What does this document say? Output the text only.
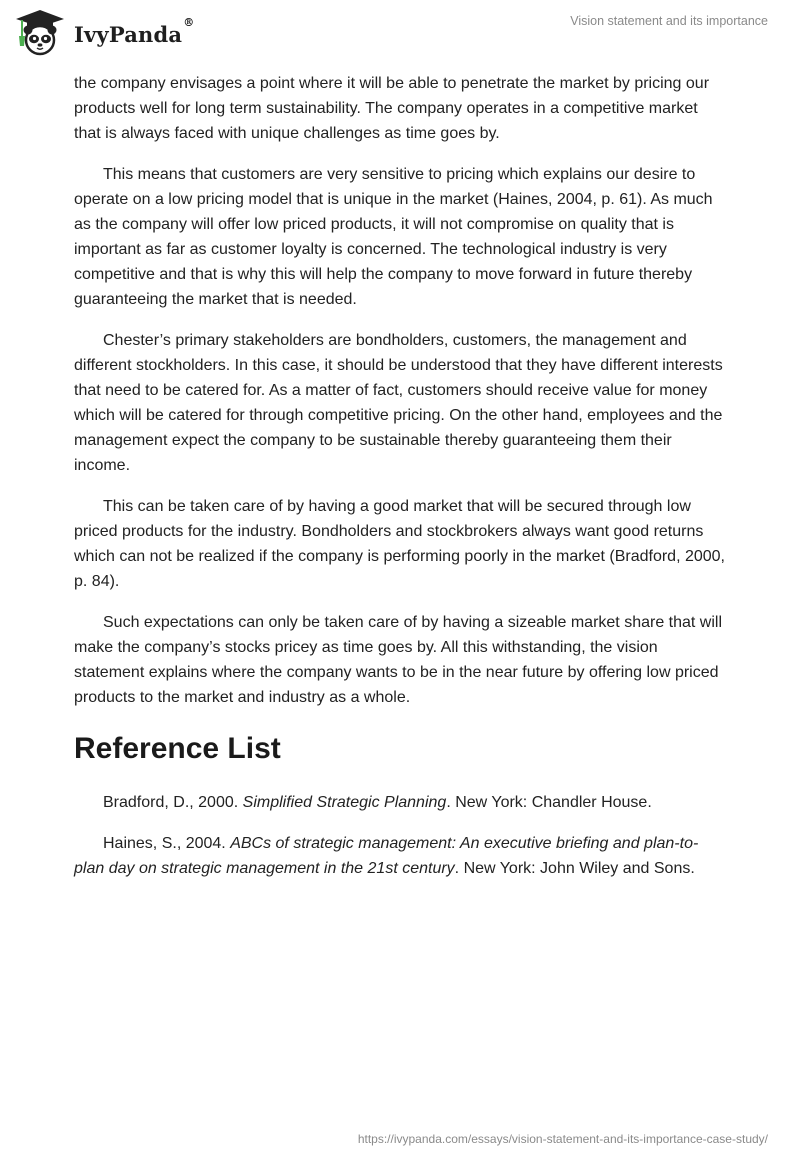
IvyPanda®	Vision statement and its importance

the company envisages a point where it will be able to penetrate the market by pricing our products well for long term sustainability. The company operates in a competitive market that is always faced with unique challenges as time goes by.

This means that customers are very sensitive to pricing which explains our desire to operate on a low pricing model that is unique in the market (Haines, 2004, p. 61). As much as the company will offer low priced products, it will not compromise on quality that is important as far as customer loyalty is concerned. The technological industry is very competitive and that is why this will help the company to move forward in future thereby guaranteeing the market that is needed.

Chester’s primary stakeholders are bondholders, customers, the management and different stockholders. In this case, it should be understood that they have different interests that need to be catered for. As a matter of fact, customers should receive value for money which will be catered for through competitive pricing. On the other hand, employees and the management expect the company to be sustainable thereby guaranteeing them their income.

This can be taken care of by having a good market that will be secured through low priced products for the industry. Bondholders and stockbrokers always want good returns which can not be realized if the company is performing poorly in the market (Bradford, 2000, p. 84).

Such expectations can only be taken care of by having a sizeable market share that will make the company’s stocks pricey as time goes by. All this withstanding, the vision statement explains where the company wants to be in the near future by offering low priced products to the market and industry as a whole.

Reference List

Bradford, D., 2000. Simplified Strategic Planning. New York: Chandler House.

Haines, S., 2004. ABCs of strategic management: An executive briefing and plan-to- plan day on strategic management in the 21st century. New York: John Wiley and Sons.

https://ivypanda.com/essays/vision-statement-and-its-importance-case-study/
